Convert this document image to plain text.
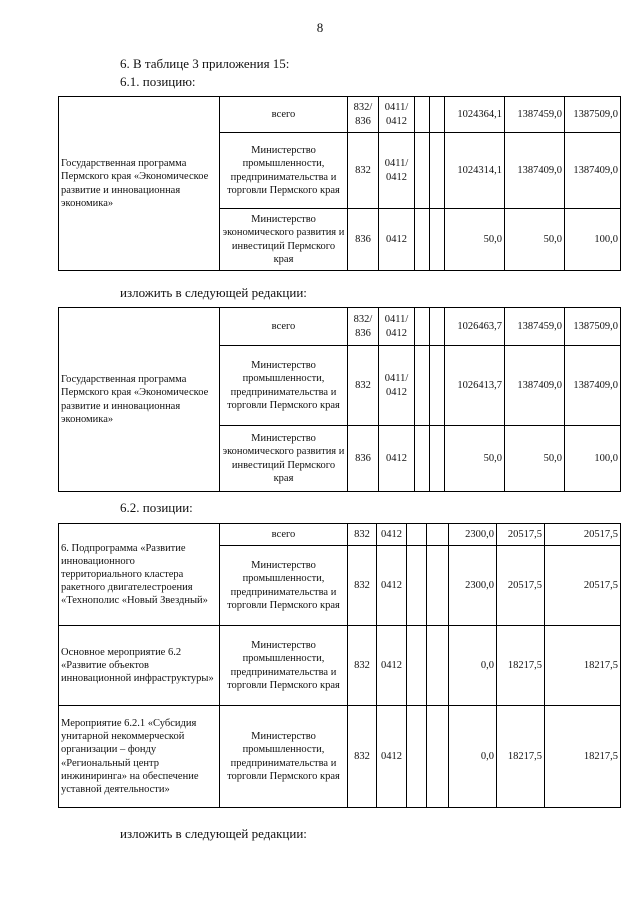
8
6. В таблице 3 приложения 15:
6.1. позицию:
Государственная программа Пермского края «Экономическое развитие и инновационная экономика»	всего	832/ 836	0411/ 0412			1024364,1	1387459,0	1387509,0
	Министерство промышленности, предпринимательства и торговли Пермского края	832	0411/ 0412			1024314,1	1387409,0	1387409,0
	Министерство экономического развития и инвестиций Пермского края	836	0412			50,0	50,0	100,0
изложить в следующей редакции:
Государственная программа Пермского края «Экономическое развитие и инновационная экономика»	всего	832/ 836	0411/ 0412			1026463,7	1387459,0	1387509,0
	Министерство промышленности, предпринимательства и торговли Пермского края	832	0411/ 0412			1026413,7	1387409,0	1387409,0
	Министерство экономического развития и инвестиций Пермского края	836	0412			50,0	50,0	100,0
6.2. позиции:
6. Подпрограмма «Развитие инновационного территориального кластера ракетного двигателестроения «Технополис «Новый Звездный»	всего	832	0412			2300,0	20517,5	20517,5
	Министерство промышленности, предпринимательства и торговли Пермского края	832	0412			2300,0	20517,5	20517,5
Основное мероприятие 6.2 «Развитие объектов инновационной инфраструктуры»	Министерство промышленности, предпринимательства и торговли Пермского края	832	0412			0,0	18217,5	18217,5
Мероприятие 6.2.1 «Субсидия унитарной некоммерческой организации – фонду «Региональный центр инжиниринга» на обеспечение уставной деятельности»	Министерство промышленности, предпринимательства и торговли Пермского края	832	0412			0,0	18217,5	18217,5
изложить в следующей редакции:
